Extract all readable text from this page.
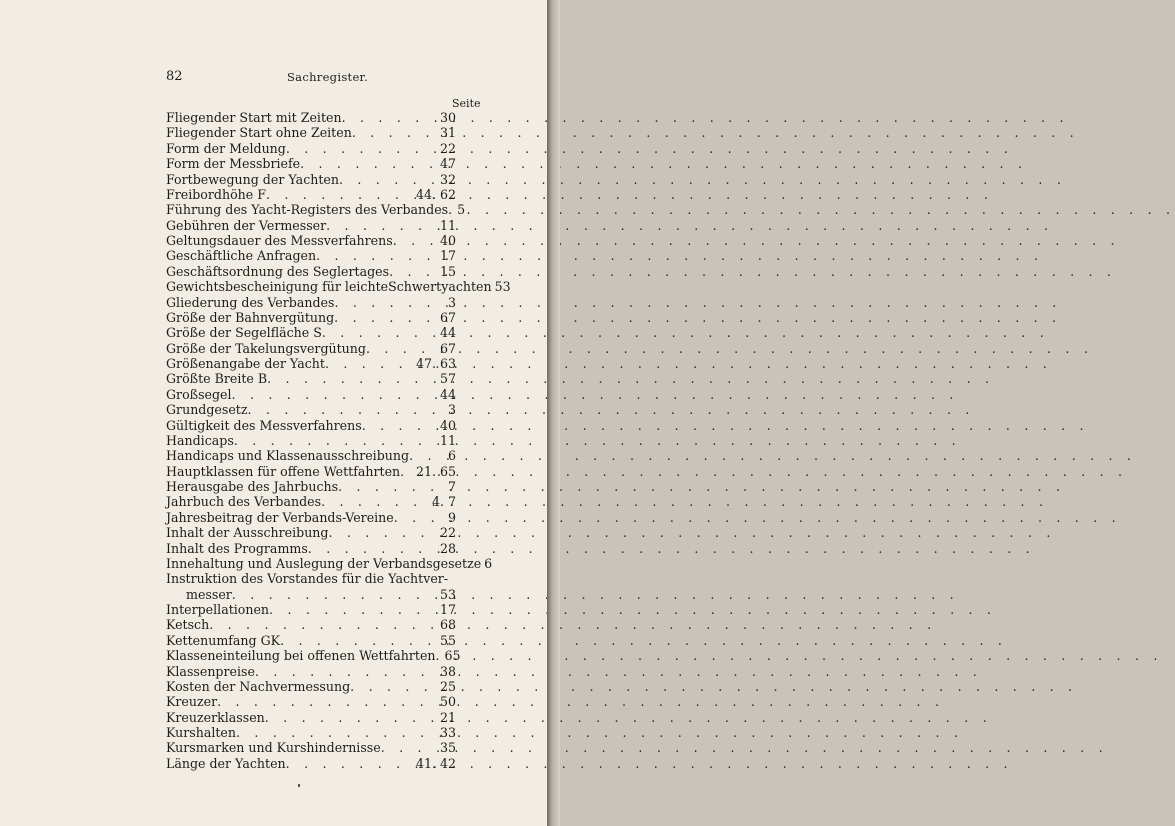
82	Sachregister.
Seite
Fliegender Start mit Zeiten . . .	30
Fliegender Start ohne Zeiten . . .	31
Form der Meldung . . .	22
Form der Messbriefe . . .	47
Fortbewegung der Yachten . . .	32
Freibordhöhe F . . .	44. 62
Führung des Yacht-Registers des Verbandes . . . 5
Gebühren der Vermesser . . .	11
Geltungsdauer des Messverfahrens . . .	40
Geschäftliche Anfragen . . .	17
Geschäftsordnung des Seglertages . . .	15
Gewichtsbescheinigung für leichteSchwertyachten 53
Gliederung des Verbandes . . .	3
Größe der Bahnvergütung . . .	67
Größe der Segelfläche S . . .	44
Größe der Takelungsvergütung . . .	67
Größenangabe der Yacht . . .	47. 63
Größte Breite B . . .	57
Großsegel . . .	44
Grundgesetz . . .	3
Gültigkeit des Messverfahrens . . .	40
Handicaps . . .	11
Handicaps und Klassenausschreibung . . .	6
Hauptklassen für offene Wettfahrten . . . 21. 65
Herausgabe des Jahrbuchs . . .	7
Jahrbuch des Verbandes . . .	4. 7
Jahresbeitrag der Verbands-Vereine . . .	9
Inhalt der Ausschreibung . . .	22
Inhalt des Programms . . .	28
Innehaltung und Auslegung der Verbandsgesetze 6
Instruktion des Vorstandes für die Yachtver-
messer . . .	53
Interpellationen . . .	17
Ketsch . . .	68
Kettenumfang GK . . .	55
Klasseneinteilung bei offenen Wettfahrten . . . 65
Klassenpreise . . .	38
Kosten der Nachvermessung . . .	25
Kreuzer . . .	50
Kreuzerklassen . . .	21
Kurshalten . . .	33
Kursmarken und Kurshindernisse . . .	35
Länge der Yachten . . .	41. 42
